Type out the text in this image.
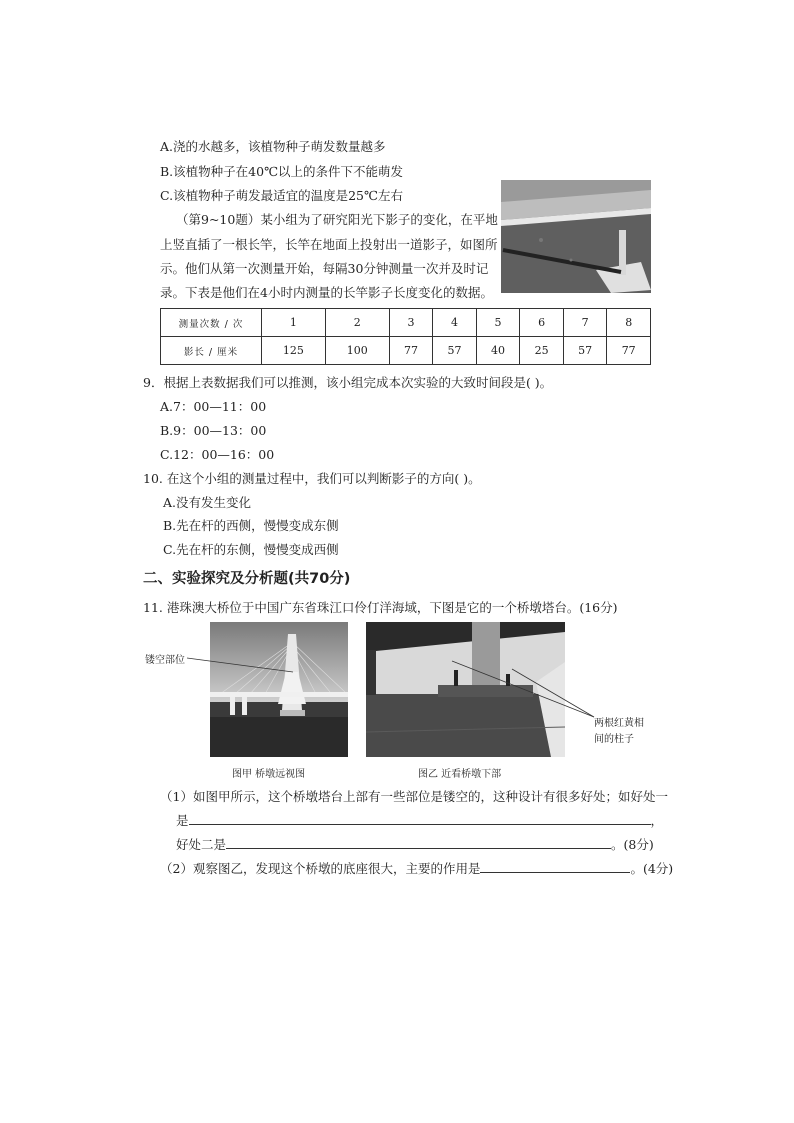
A.浇的水越多，该植物种子萌发数量越多
B.该植物种子在40℃以上的条件下不能萌发
C.该植物种子萌发最适宜的温度是25℃左右
（第9~10题）某小组为了研究阳光下影子的变化，在平地
上竖直插了一根长竿，长竿在地面上投射出一道影子，如图所
示。他们从第一次测量开始，每隔30分钟测量一次并及时记
录。下表是他们在4小时内测量的长竿影子长度变化的数据。
测量次数 / 次	1	2	3	4	5	6	7	8
影长 / 厘米	125	100	77	57	40	25	57	77
9．根据上表数据我们可以推测，该小组完成本次实验的大致时间段是( )。
A.7：00—11：00
B.9：00—13：00
C.12：00—16：00
10. 在这个小组的测量过程中，我们可以判断影子的方向( )。
A.没有发生变化
B.先在杆的西侧，慢慢变成东侧
C.先在杆的东侧，慢慢变成西侧
二、实验探究及分析题(共70分)
11. 港珠澳大桥位于中国广东省珠江口伶仃洋海域，下图是它的一个桥墩塔台。(16分)
镂空部位
两根红黄相
间的柱子
图甲 桥墩远视图	图乙 近看桥墩下部
（1）如图甲所示，这个桥墩塔台上部有一些部位是镂空的，这种设计有很多好处；如好处一
是	，
好处二是	。(8分)
（2）观察图乙，发现这个桥墩的底座很大，主要的作用是	。(4分)
